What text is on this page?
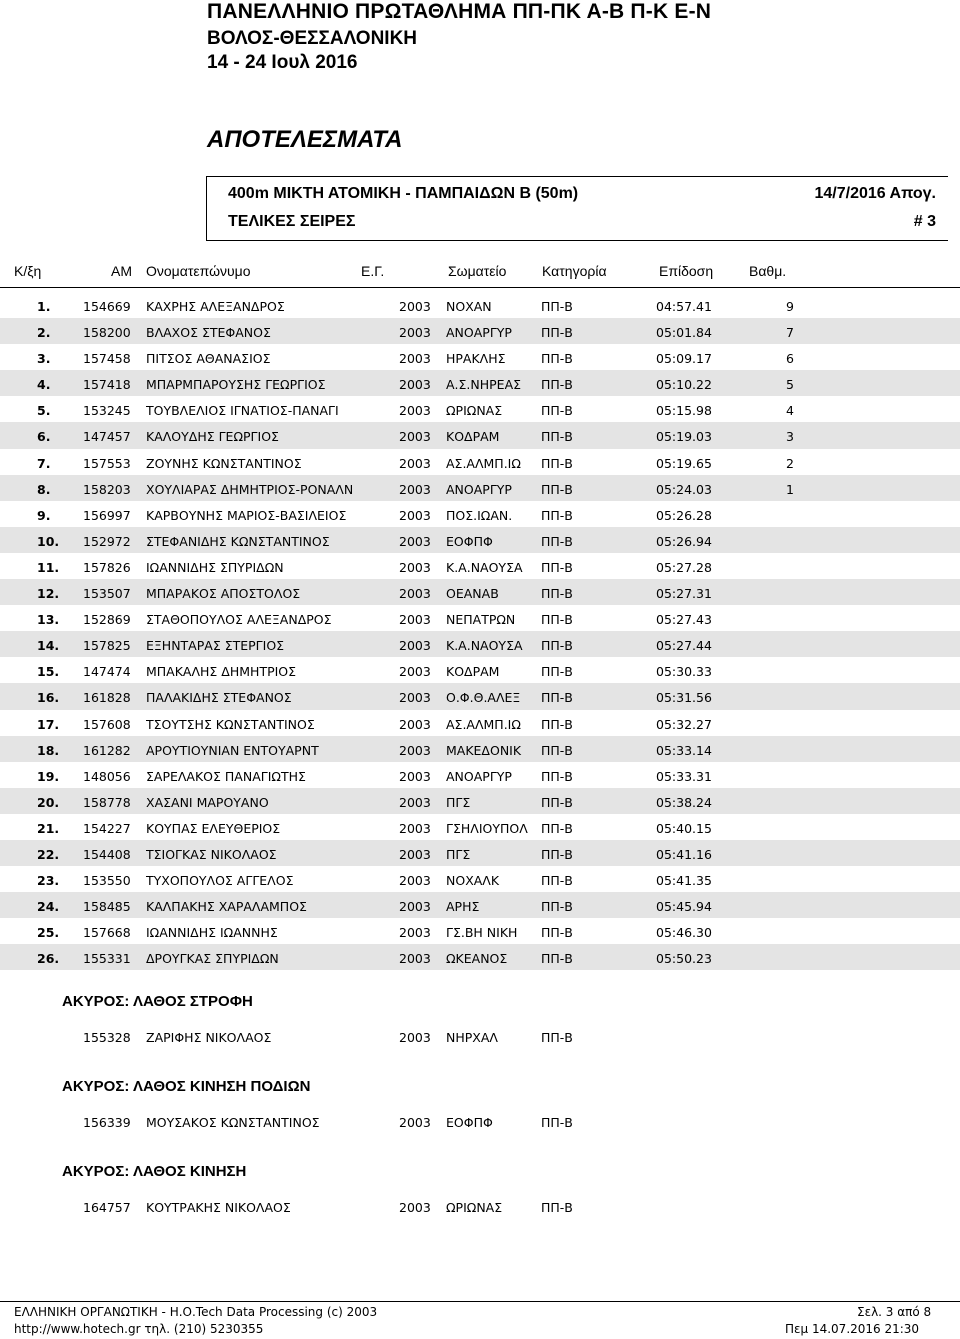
ΠΑΝΕΛΛΗΝΙΟ ΠΡΩΤΑΘΛΗΜΑ ΠΠ-ΠΚ Α-Β Π-Κ Ε-Ν
ΒΟΛΟΣ-ΘΕΣΣΑΛΟΝΙΚΗ
14 - 24 Ιουλ 2016
ΑΠΟΤΕΛΕΣΜΑΤΑ
400m ΜΙΚΤΗ ΑΤΟΜΙΚΗ - ΠΑΜΠΑΙΔΩΝ Β (50m)	14/7/2016 Απογ.
ΤΕΛΙΚΕΣ ΣΕΙΡΕΣ	# 3
Κ/ξη	ΑΜ Ονοματεπώνυμο	Ε.Γ.	Σωματείο	Κατηγορία	Επίδοση	Βαθμ.
1.	154669 ΚΑΧΡΗΣ ΑΛΕΞΑΝΔΡΟΣ	2003 ΝΟΧΑΝ	ΠΠ-Β	04:57.41	9
2.	158200 ΒΛΑΧΟΣ ΣΤΕΦΑΝΟΣ	2003 ΑΝΟΑΡΓΥΡ	ΠΠ-Β	05:01.84	7
3.	157458 ΠΙΤΣΟΣ ΑΘΑΝΑΣΙΟΣ	2003 ΗΡΑΚΛΗΣ	ΠΠ-Β	05:09.17	6
4.	157418 ΜΠΑΡΜΠΑΡΟΥΣΗΣ ΓΕΩΡΓΙΟΣ	2003 Α.Σ.ΝΗΡΕΑΣ	ΠΠ-Β	05:10.22	5
5.	153245 ΤΟΥΒΛΕΛΙΟΣ ΙΓΝΑΤΙΟΣ-ΠΑΝΑΓΙ	2003 ΩΡΙΩΝΑΣ	ΠΠ-Β	05:15.98	4
6.	147457 ΚΑΛΟΥΔΗΣ ΓΕΩΡΓΙΟΣ	2003 ΚΟΔΡΑΜ	ΠΠ-Β	05:19.03	3
7.	157553 ΖΟΥΝΗΣ ΚΩΝΣΤΑΝΤΙΝΟΣ	2003 ΑΣ.ΑΛΜΠ.ΙΩ	ΠΠ-Β	05:19.65	2
8.	158203 ΧΟΥΛΙΑΡΑΣ ΔΗΜΗΤΡΙΟΣ-ΡΟΝΑΛΝ	2003 ΑΝΟΑΡΓΥΡ	ΠΠ-Β	05:24.03	1
9.	156997 ΚΑΡΒΟΥΝΗΣ ΜΑΡΙΟΣ-ΒΑΣΙΛΕΙΟΣ	2003 ΠΟΣ.ΙΩΑΝ.	ΠΠ-Β	05:26.28
10. 152972 ΣΤΕΦΑΝΙΔΗΣ ΚΩΝΣΤΑΝΤΙΝΟΣ	2003 ΕΟΦΠΦ	ΠΠ-Β	05:26.94
11. 157826 ΙΩΑΝΝΙΔΗΣ ΣΠΥΡΙΔΩΝ	2003 Κ.Α.ΝΑΟΥΣΑ	ΠΠ-Β	05:27.28
12. 153507 ΜΠΑΡΑΚΟΣ ΑΠΟΣΤΟΛΟΣ	2003 ΟΕΑΝΑΒ	ΠΠ-Β	05:27.31
13. 152869 ΣΤΑΘΟΠΟΥΛΟΣ ΑΛΕΞΑΝΔΡΟΣ	2003 ΝΕΠΑΤΡΩΝ	ΠΠ-Β	05:27.43
14. 157825 ΕΞΗΝΤΑΡΑΣ ΣΤΕΡΓΙΟΣ	2003 Κ.Α.ΝΑΟΥΣΑ	ΠΠ-Β	05:27.44
15. 147474 ΜΠΑΚΑΛΗΣ ΔΗΜΗΤΡΙΟΣ	2003 ΚΟΔΡΑΜ	ΠΠ-Β	05:30.33
16. 161828 ΠΑΛΑΚΙΔΗΣ ΣΤΕΦΑΝΟΣ	2003 Ο.Φ.Θ.ΑΛΕΞ	ΠΠ-Β	05:31.56
17. 157608 ΤΣΟΥΤΣΗΣ ΚΩΝΣΤΑΝΤΙΝΟΣ	2003 ΑΣ.ΑΛΜΠ.ΙΩ	ΠΠ-Β	05:32.27
18. 161282 ΑΡΟΥΤΙΟΥΝΙΑΝ ΕΝΤΟΥΑΡΝΤ	2003 ΜΑΚΕΔΟΝΙΚ	ΠΠ-Β	05:33.14
19. 148056 ΣΑΡΕΛΑΚΟΣ ΠΑΝΑΓΙΩΤΗΣ	2003 ΑΝΟΑΡΓΥΡ	ΠΠ-Β	05:33.31
20. 158778 ΧΑΣΑΝΙ ΜΑΡΟΥΑΝΟ	2003 ΠΓΣ	ΠΠ-Β	05:38.24
21. 154227 ΚΟΥΠΑΣ ΕΛΕΥΘΕΡΙΟΣ	2003 ΓΣΗΛΙΟΥΠΟΛ	ΠΠ-Β	05:40.15
22. 154408 ΤΣΙΟΓΚΑΣ ΝΙΚΟΛΑΟΣ	2003 ΠΓΣ	ΠΠ-Β	05:41.16
23. 153550 ΤΥΧΟΠΟΥΛΟΣ ΑΓΓΕΛΟΣ	2003 ΝΟΧΑΛΚ	ΠΠ-Β	05:41.35
24. 158485 ΚΑΛΠΑΚΗΣ ΧΑΡΑΛΑΜΠΟΣ	2003 ΑΡΗΣ	ΠΠ-Β	05:45.94
25. 157668 ΙΩΑΝΝΙΔΗΣ ΙΩΑΝΝΗΣ	2003 ΓΣ.ΒΗ ΝΙΚΗ	ΠΠ-Β	05:46.30
26. 155331 ΔΡΟΥΓΚΑΣ ΣΠΥΡΙΔΩΝ	2003 ΩΚΕΑΝΟΣ	ΠΠ-Β	05:50.23
ΑΚΥΡΟΣ: ΛΑΘΟΣ ΣΤΡΟΦΗ
155328 ΖΑΡΙΦΗΣ ΝΙΚΟΛΑΟΣ	2003 ΝΗΡΧΑΛ	ΠΠ-Β
ΑΚΥΡΟΣ: ΛΑΘΟΣ ΚΙΝΗΣΗ ΠΟΔΙΩΝ
156339 ΜΟΥΣΑΚΟΣ ΚΩΝΣΤΑΝΤΙΝΟΣ	2003 ΕΟΦΠΦ	ΠΠ-Β
ΑΚΥΡΟΣ: ΛΑΘΟΣ ΚΙΝΗΣΗ
164757 ΚΟΥΤΡΑΚΗΣ ΝΙΚΟΛΑΟΣ	2003 ΩΡΙΩΝΑΣ	ΠΠ-Β
ΕΛΛΗΝΙΚΗ ΟΡΓΑΝΩΤΙΚΗ - Η.Ο.Tech Data Processing (c) 2003
http://www.hotech.gr τηλ. (210) 5230355
Σελ. 3 από 8
Πεμ 14.07.2016 21:30
